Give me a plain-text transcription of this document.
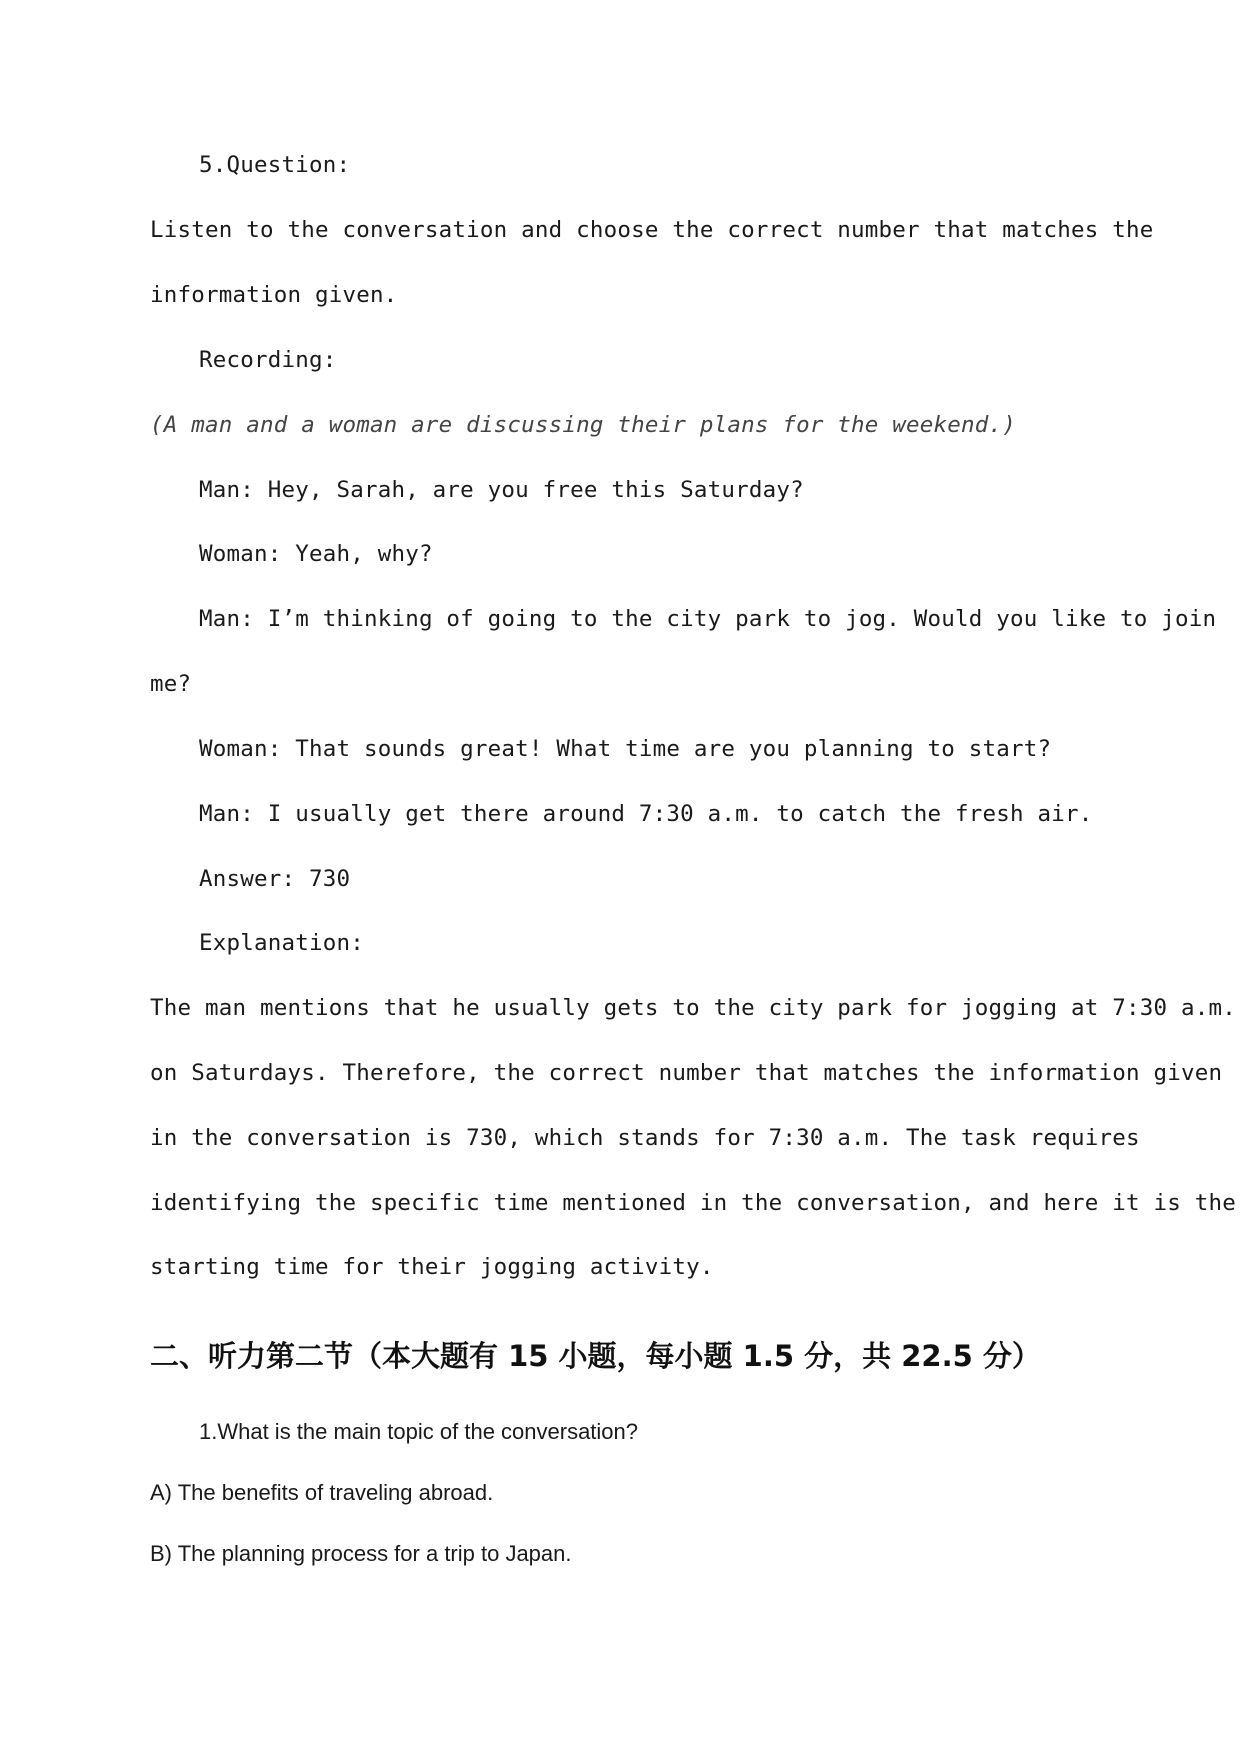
5.Question:
Listen to the conversation and choose the correct number that matches the
information given.
Recording:
(A man and a woman are discussing their plans for the weekend.)
Man: Hey, Sarah, are you free this Saturday?
Woman: Yeah, why?
Man: I’m thinking of going to the city park to jog. Would you like to join
me?
Woman: That sounds great! What time are you planning to start?
Man: I usually get there around 7:30 a.m. to catch the fresh air.
Answer: 730
Explanation:
The man mentions that he usually gets to the city park for jogging at 7:30 a.m.
on Saturdays. Therefore, the correct number that matches the information given
in the conversation is 730, which stands for 7:30 a.m. The task requires
identifying the specific time mentioned in the conversation, and here it is the
starting time for their jogging activity.
二、听力第二节（本大题有 15 小题，每小题 1.5 分，共 22.5 分）
1.What is the main topic of the conversation?
A) The benefits of traveling abroad.
B) The planning process for a trip to Japan.
